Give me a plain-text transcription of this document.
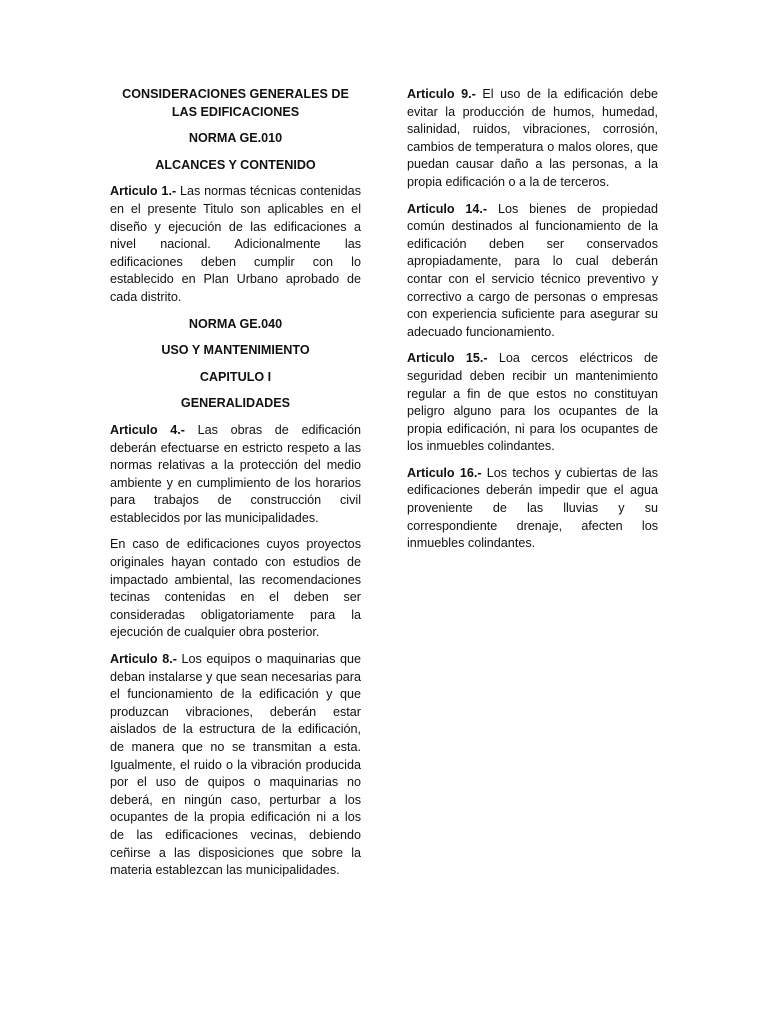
CONSIDERACIONES GENERALES DE LAS EDIFICACIONES

NORMA GE.010

ALCANCES Y CONTENIDO

Articulo 1.- Las normas técnicas contenidas en el presente Titulo son aplicables en el diseño y ejecución de las edificaciones a nivel nacional. Adicionalmente las edificaciones deben cumplir con lo establecido en Plan Urbano aprobado de cada distrito.

NORMA GE.040

USO Y MANTENIMIENTO

CAPITULO I

GENERALIDADES

Articulo 4.- Las obras de edificación deberán efectuarse en estricto respeto a las normas relativas a la protección del medio ambiente y en cumplimiento de los horarios para trabajos de construcción civil establecidos por las municipalidades.

En caso de edificaciones cuyos proyectos originales hayan contado con estudios de impactado ambiental, las recomendaciones tecinas contenidas en el deben ser consideradas obligatoriamente para la ejecución de cualquier obra posterior.

Articulo 8.- Los equipos o maquinarias que deban instalarse y que sean necesarias para el funcionamiento de la edificación y que produzcan vibraciones, deberán estar aislados de la estructura de la edificación, de manera que no se transmitan a esta. Igualmente, el ruido o la vibración producida por el uso de quipos o maquinarias no deberá, en ningún caso, perturbar a los ocupantes de la propia edificación ni a los de las edificaciones vecinas, debiendo ceñirse a las disposiciones que sobre la materia establezcan las municipalidades.

Articulo 9.- El uso de la edificación debe evitar la producción de humos, humedad, salinidad, ruidos, vibraciones, corrosión, cambios de temperatura o malos olores, que puedan causar daño a las personas, a la propia edificación o a la de terceros.

Articulo 14.- Los bienes de propiedad común destinados al funcionamiento de la edificación deben ser conservados apropiadamente, para lo cual deberán contar con el servicio técnico preventivo y correctivo a cargo de personas o empresas con experiencia suficiente para asegurar su adecuado funcionamiento.

Articulo 15.- Loa cercos eléctricos de seguridad deben recibir un mantenimiento regular a fin de que estos no constituyan peligro alguno para los ocupantes de la propia edificación, ni para los ocupantes de los inmuebles colindantes.

Articulo 16.- Los techos y cubiertas de las edificaciones deberán impedir que el agua proveniente de las lluvias y su correspondiente drenaje, afecten los inmuebles colindantes.
